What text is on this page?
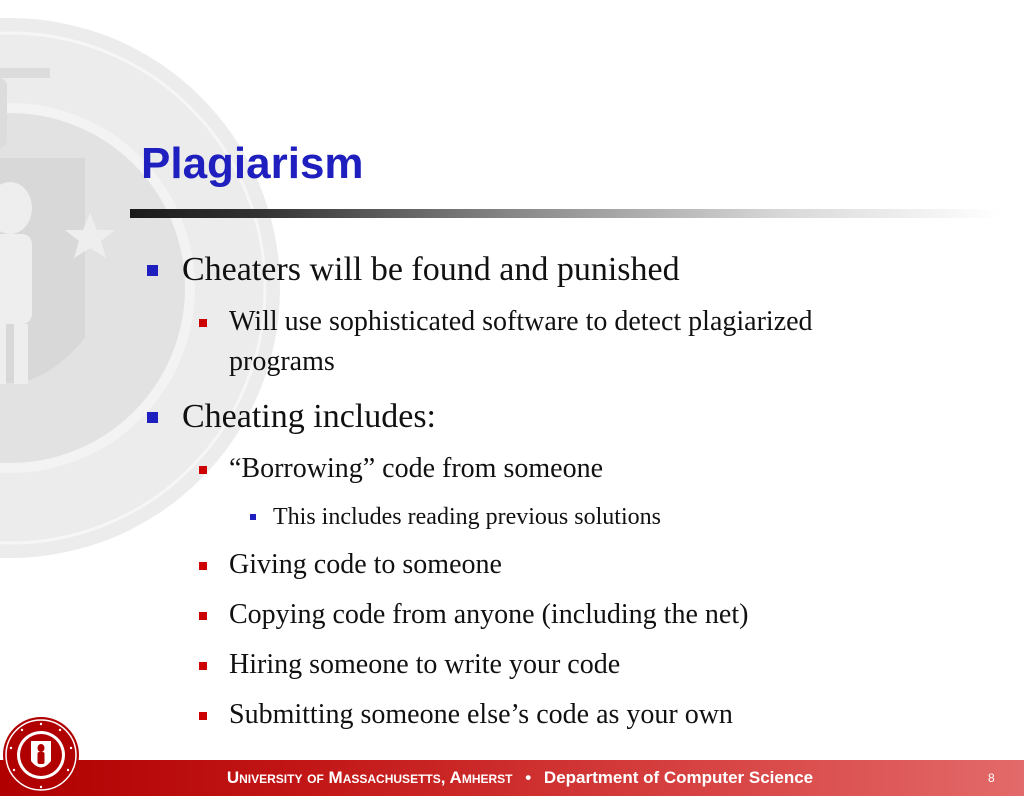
Plagiarism
Cheaters will be found and punished
Will use sophisticated software to detect plagiarized
programs
Cheating includes:
“Borrowing” code from someone
This includes reading previous solutions
Giving code to someone
Copying code from anyone (including the net)
Hiring someone to write your code
Submitting someone else’s code as your own
University of Massachusetts, Amherst • Department of Computer Science	8
